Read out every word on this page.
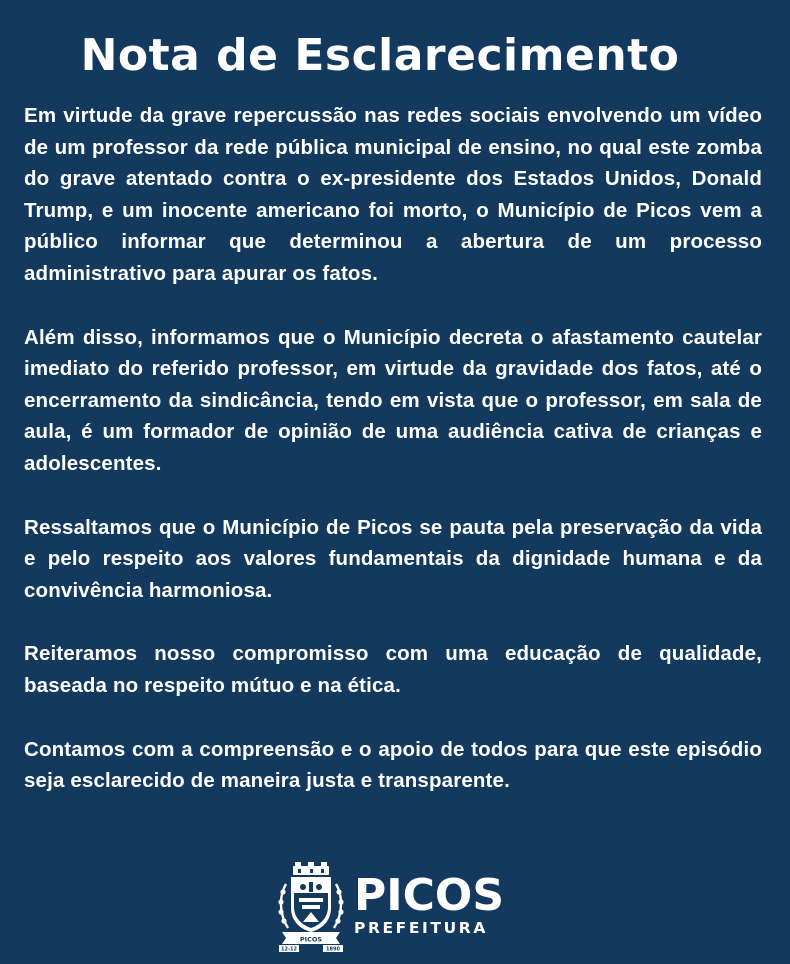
Nota de Esclarecimento

Em virtude da grave repercussão nas redes sociais envolvendo um vídeo de um professor da rede pública municipal de ensino, no qual este zomba do grave atentado contra o ex-presidente dos Estados Unidos, Donald Trump, e um inocente americano foi morto, o Município de Picos vem a público informar que determinou a abertura de um processo administrativo para apurar os fatos.

Além disso, informamos que o Município decreta o afastamento cautelar imediato do referido professor, em virtude da gravidade dos fatos, até o encerramento da sindicância, tendo em vista que o professor, em sala de aula, é um formador de opinião de uma audiência cativa de crianças e adolescentes.

Ressaltamos que o Município de Picos se pauta pela preservação da vida e pelo respeito aos valores fundamentais da dignidade humana e da convivência harmoniosa.

Reiteramos nosso compromisso com uma educação de qualidade, baseada no respeito mútuo e na ética.

Contamos com a compreensão e o apoio de todos para que este episódio seja esclarecido de maneira justa e transparente.

PICOS
12-12	1890
PICOS
PREFEITURA
